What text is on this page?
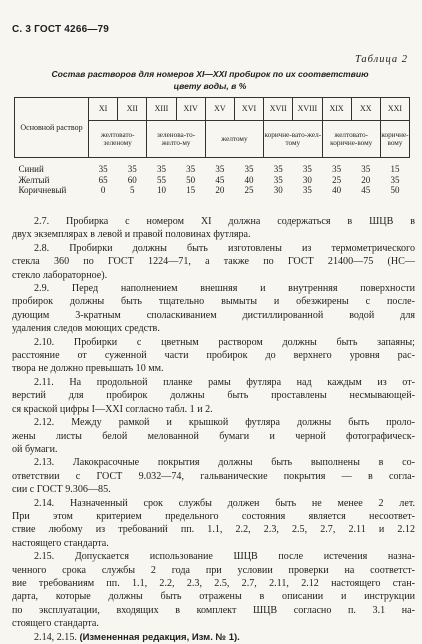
С. 3 ГОСТ 4266—79
Таблица 2
Состав растворов для номеров XI—XXI пробирок по их соответствию
цвету воды, в %
Основной раствор	XI	XII	XIII	XIV	XV	XVI	XVII	XVIII	XIX	XX	XXI
	желтовато-зеленому		зеленова-то-желто-му		желтому		коричне-вато-жел-тому		желтовато-коричне-вому		коричне-вому

Синий	35	35	35	35	35	35	35	35	35	35	15
Желтый	65	60	55	50	45	40	35	30	25	20	35
Коричневый	0	5	10	15	20	25	30	35	40	45	50

2.7. Пробирка с номером XI должна содержаться в ШЦВ в
двух экземплярах в левой и правой половинах футляра.

2.8. Пробирки должны быть изготовлены из термометрического
стекла 360 по ГОСТ 1224—71, а также по ГОСТ 21400—75 (НС—
стекло лабораторное).

2.9. Перед наполнением внешняя и внутренняя поверхности
пробирок должны быть тщательно вымыты и обезжирены с после-
дующим 3-кратным споласкиванием дистиллированной водой для
удаления следов моющих средств.

2.10. Пробирки с цветным раствором должны быть запаяны;
расстояние от суженной части пробирок до верхнего уровня рас-
твора не должно превышать 10 мм.

2.11. На продольной планке рамы футляра над каждым из от-
верстий для пробирок должны быть проставлены несмывающей-
ся краской цифры I—XXI согласно табл. 1 и 2.

2.12. Между рамкой и крышкой футляра должны быть проло-
жены листы белой мелованной бумаги и черной фотографическ-
ой бумаги.

2.13. Лакокрасочные покрытия должны быть выполнены в со-
ответствии с ГОСТ 9.032—74, гальванические покрытия — в согла-
сии с ГОСТ 9.306—85.

2.14. Назначенный срок службы должен быть не менее 2 лет.
При этом критерием предельного состояния является несоответ-
ствие любому из требований пп. 1.1, 2.2, 2.3, 2.5, 2.7, 2.11 и 2.12
настоящего стандарта.

2.15. Допускается использование ШЦВ после истечения назна-
ченного срока службы 2 года при условии проверки на соответст-
вие требованиям пп. 1.1, 2.2, 2.3, 2.5, 2.7, 2.11, 2.12 настоящего стан-
дарта, которые должны быть отражены в описании и инструкции
по эксплуатации, входящих в комплект ШЦВ согласно п. 3.1 на-
стоящего стандарта.

2.14, 2.15. (Измененная редакция, Изм. № 1).
